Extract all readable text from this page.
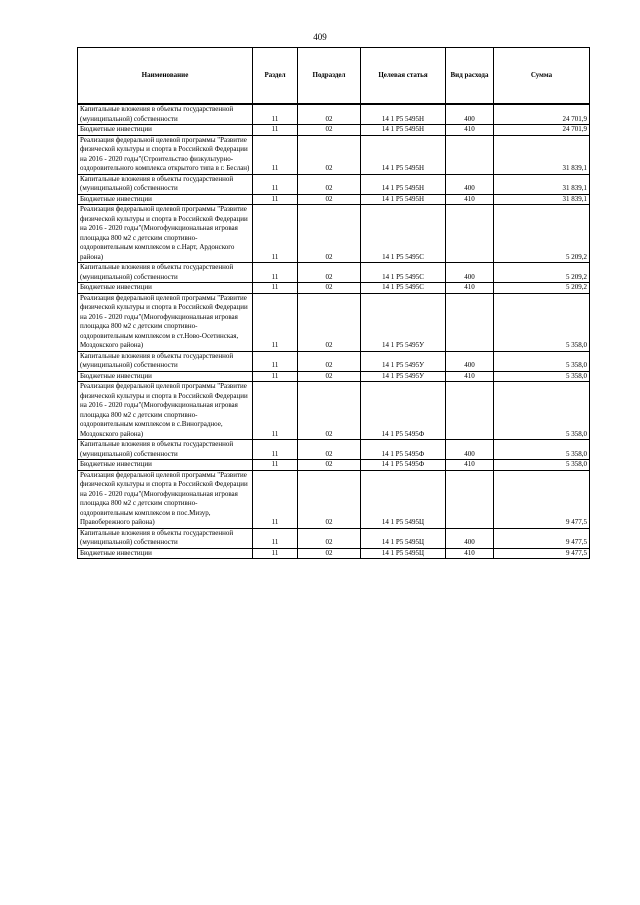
409
Наименование	Раздел	Подраздел	Целевая статья	Вид расхода	Сумма
Капитальные вложения в объекты государственной (муниципальной) собственности	11	02	14 1 Р5 5495Н	400	24 701,9
Бюджетные инвестиции	11	02	14 1 Р5 5495Н	410	24 701,9
Реализация федеральной целевой программы "Развитие физической культуры и спорта в Российской Федерации на 2016 - 2020 годы"(Строительство физкультурно-оздоровительного комплекса открытого типа в г. Беслан)	11	02	14 1 Р5 5495Н		31 839,1
Капитальные вложения в объекты государственной (муниципальной) собственности	11	02	14 1 Р5 5495Н	400	31 839,1
Бюджетные инвестиции	11	02	14 1 Р5 5495Н	410	31 839,1
Реализация федеральной целевой программы "Развитие физической культуры и спорта в Российской Федерации на 2016 - 2020 годы"(Многофункциональная игровая площадка 800 м2 с детским спортивно-оздоровительным комплексом в с.Нарт, Ардонского района)	11	02	14 1 Р5 5495С		5 209,2
Капитальные вложения в объекты государственной (муниципальной) собственности	11	02	14 1 Р5 5495С	400	5 209,2
Бюджетные инвестиции	11	02	14 1 Р5 5495С	410	5 209,2
Реализация федеральной целевой программы "Развитие физической культуры и спорта в Российской Федерации на 2016 - 2020 годы"(Многофункциональная игровая площадка 800 м2 с детским спортивно-оздоровительным комплексом в ст.Ново-Осетинская, Моздокского района)	11	02	14 1 Р5 5495У		5 358,0
Капитальные вложения в объекты государственной (муниципальной) собственности	11	02	14 1 Р5 5495У	400	5 358,0
Бюджетные инвестиции	11	02	14 1 Р5 5495У	410	5 358,0
Реализация федеральной целевой программы "Развитие физической культуры и спорта в Российской Федерации на 2016 - 2020 годы"(Многофункциональная игровая площадка 800 м2 с детским спортивно-оздоровительным комплексом в с.Виноградное, Моздокского района)	11	02	14 1 Р5 5495Ф		5 358,0
Капитальные вложения в объекты государственной (муниципальной) собственности	11	02	14 1 Р5 5495Ф	400	5 358,0
Бюджетные инвестиции	11	02	14 1 Р5 5495Ф	410	5 358,0
Реализация федеральной целевой программы "Развитие физической культуры и спорта в Российской Федерации на 2016 - 2020 годы"(Многофункциональная игровая площадка 800 м2 с детским спортивно-оздоровительным комплексом в пос.Мизур, Правобережного района)	11	02	14 1 Р5 5495Ц		9 477,5
Капитальные вложения в объекты государственной (муниципальной) собственности	11	02	14 1 Р5 5495Ц	400	9 477,5
Бюджетные инвестиции	11	02	14 1 Р5 5495Ц	410	9 477,5
